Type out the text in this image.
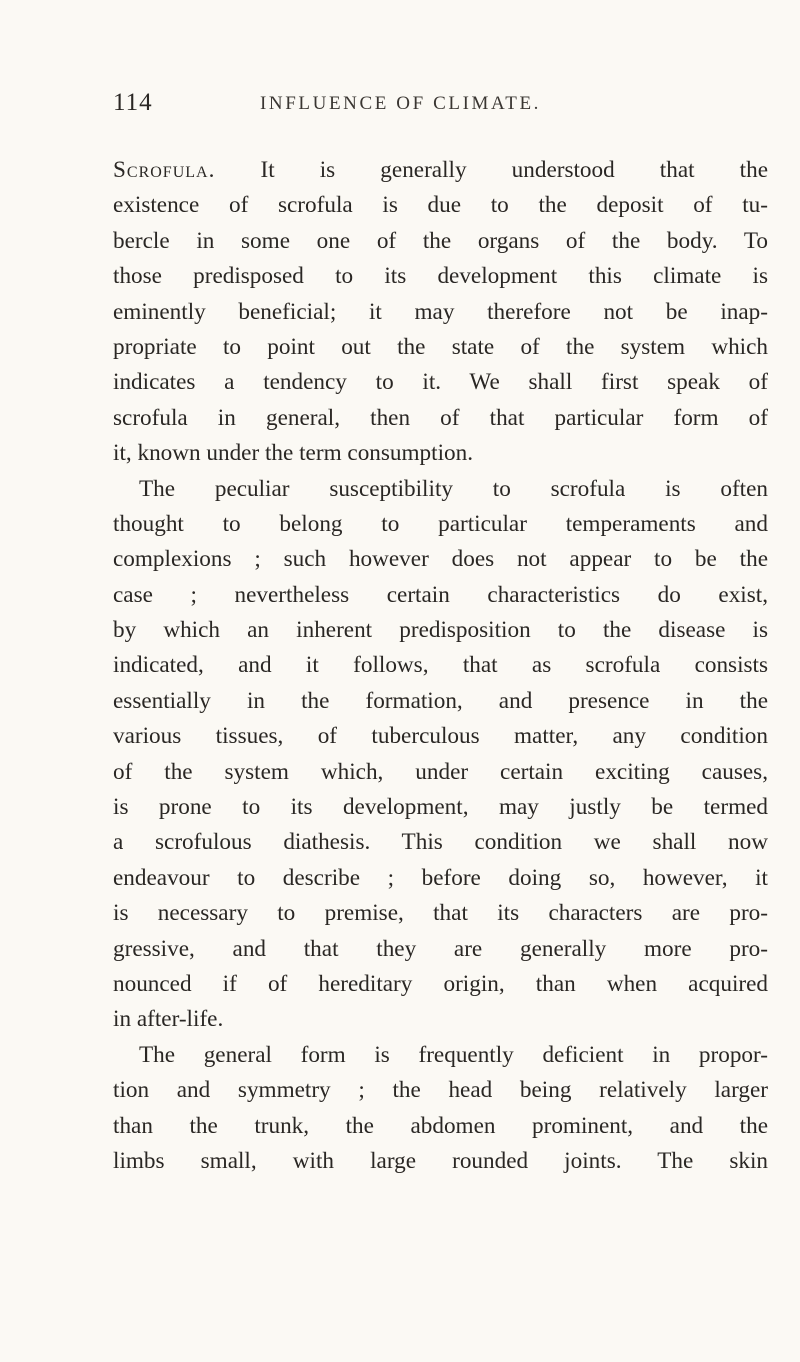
114	INFLUENCE OF CLIMATE.
Scrofula. It is generally understood that the
existence of scrofula is due to the deposit of tu-
bercle in some one of the organs of the body. To
those predisposed to its development this climate is
eminently beneficial; it may therefore not be inap-
propriate to point out the state of the system which
indicates a tendency to it. We shall first speak of
scrofula in general, then of that particular form of
it, known under the term consumption.
The peculiar susceptibility to scrofula is often
thought to belong to particular temperaments and
complexions ; such however does not appear to be the
case ; nevertheless certain characteristics do exist,
by which an inherent predisposition to the disease is
indicated, and it follows, that as scrofula consists
essentially in the formation, and presence in the
various tissues, of tuberculous matter, any condition
of the system which, under certain exciting causes,
is prone to its development, may justly be termed
a scrofulous diathesis. This condition we shall now
endeavour to describe ; before doing so, however, it
is necessary to premise, that its characters are pro-
gressive, and that they are generally more pro-
nounced if of hereditary origin, than when acquired
in after-life.
The general form is frequently deficient in propor-
tion and symmetry ; the head being relatively larger
than the trunk, the abdomen prominent, and the
limbs small, with large rounded joints. The skin
